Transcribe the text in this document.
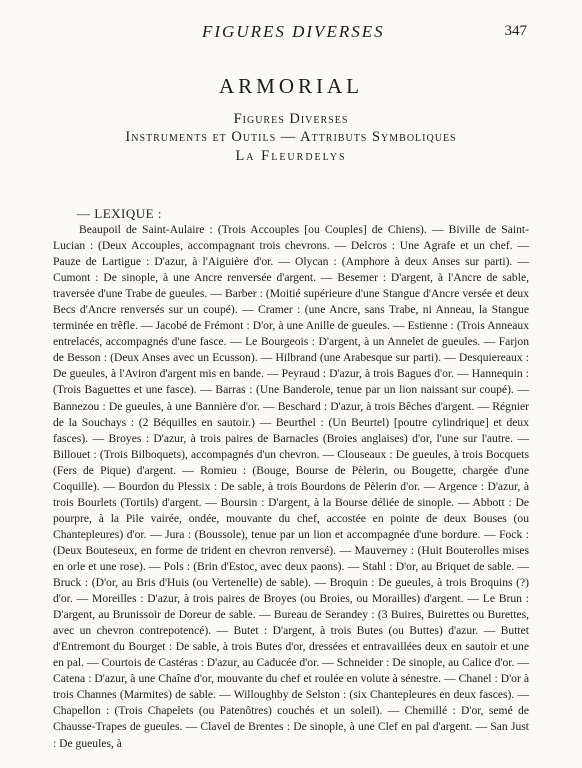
FIGURES DIVERSES	347
ARMORIAL
Figures Diverses
Instruments et Outils — Attributs Symboliques
La Fleurdelys
— LEXIQUE :

Beaupoil de Saint-Aulaire : (Trois Accouples [ou Couples] de Chiens). — Biville de Saint-Lucian : (Deux Accouples, accompagnant trois chevrons. — Delcros : Une Agrafe et un chef. — Pauze de Lartigue : D'azur, à l'Aiguière d'or. — Olycan : (Amphore à deux Anses sur parti). — Cumont : De sinople, à une Ancre renversée d'argent. — Besemer : D'argent, à l'Ancre de sable, traversée d'une Trabe de gueules. — Barber : (Moitié supérieure d'une Stangue d'Ancre versée et deux Becs d'Ancre renversés sur un coupé). — Cramer : (une Ancre, sans Trabe, ni Anneau, la Stangue terminée en trêfle. — Jacobé de Frémont : D'or, à une Anille de gueules. — Estienne : (Trois Anneaux entrelacés, accompagnés d'une fasce. — Le Bourgeois : D'argent, à un Annelet de gueules. — Farjon de Besson : (Deux Anses avec un Ecusson). — Hilbrand (une Arabesque sur parti). — Desquiereaux : De gueules, à l'Aviron d'argent mis en bande. — Peyraud : D'azur, à trois Bagues d'or. — Hannequin : (Trois Baguettes et une fasce). — Barras : (Une Banderole, tenue par un lion naissant sur coupé). — Bannezou : De gueules, à une Bannière d'or. — Beschard : D'azur, à trois Bêches d'argent. — Régnier de la Souchays : (2 Béquilles en sautoir.) — Beurthel : (Un Beurtel) [poutre cylindrique] et deux fasces). — Broyes : D'azur, à trois paires de Barnacles (Broies anglaises) d'or, l'une sur l'autre. — Billouet : (Trois Bilboquets), accompagnés d'un chevron. — Clouseaux : De gueules, à trois Bocquets (Fers de Pique) d'argent. — Romieu : (Bouge, Bourse de Pèlerin, ou Bougette, chargée d'une Coquille). — Bourdon du Plessix : De sable, à trois Bourdons de Pèlerin d'or. — Argence : D'azur, à trois Bourlets (Tortils) d'argent. — Boursin : D'argent, à la Bourse déliée de sinople. — Abbott : De pourpre, à la Pile vairée, ondée, mouvante du chef, accostée en pointe de deux Bouses (ou Chantepleures) d'or. — Jura : (Boussole), tenue par un lion et accompagnée d'une bordure. — Fock : (Deux Bouteseux, en forme de trident en chevron renversé). — Mauverney : (Huit Bouterolles mises en orle et une rose). — Pols : (Brin d'Estoc, avec deux paons). — Stahl : D'or, au Briquet de sable. — Bruck : (D'or, au Bris d'Huis (ou Vertenelle) de sable). — Broquin : De gueules, à trois Broquins (?) d'or. — Moreilles : D'azur, à trois paires de Broyes (ou Broies, ou Morailles) d'argent. — Le Brun : D'argent, au Brunissoir de Doreur de sable. — Bureau de Serandey : (3 Buires, Buirettes ou Burettes, avec un chevron contrepotencé). — Butet : D'argent, à trois Butes (ou Buttes) d'azur. — Buttet d'Entremont du Bourget : De sable, à trois Butes d'or, dressées et entravaillées deux en sautoir et une en pal. — Courtois de Castéras : D'azur, au Caducée d'or. — Schneider : De sinople, au Calice d'or. — Catena : D'azur, à une Chaîne d'or, mouvante du chef et roulée en volute à sénestre. — Chanel : D'or à trois Channes (Marmites) de sable. — Willoughby de Selston : (six Chantepleures en deux fasces). — Chapellon : (Trois Chapelets (ou Patenôtres) couchés et un soleil). — Chemillé : D'or, semé de Chausse-Trapes de gueules. — Clavel de Brentes : De sinople, à une Clef en pal d'argent. — San Just : De gueules, à
